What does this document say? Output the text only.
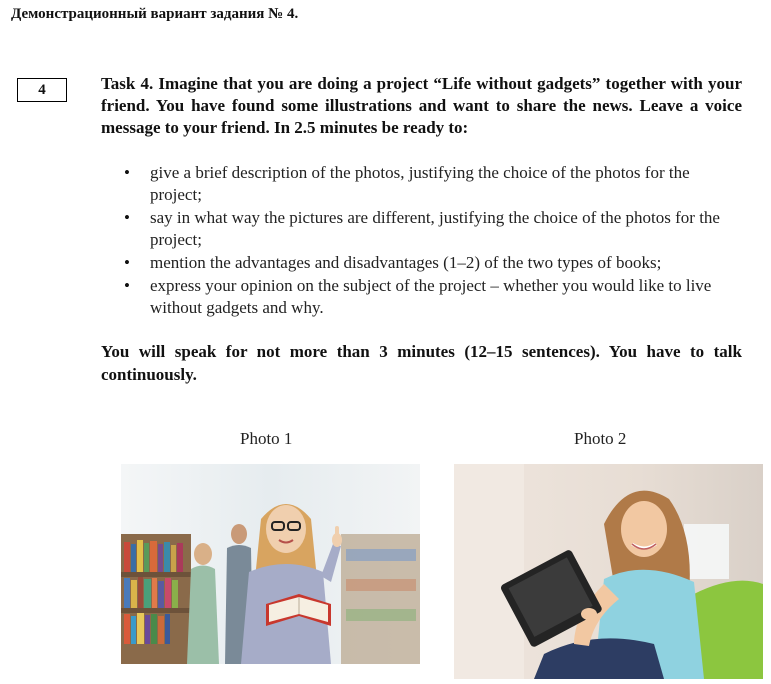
Демонстрационный вариант задания № 4.
4	Task 4. Imagine that you are doing a project “Life without gadgets” together with your friend. You have found some illustrations and want to share the news. Leave a voice message to your friend. In 2.5 minutes be ready to:

• give a brief description of the photos, justifying the choice of the photos for the project;
• say in what way the pictures are different, justifying the choice of the photos for the project;
• mention the advantages and disadvantages (1–2) of the two types of books;
• express your opinion on the subject of the project – whether you would like to live without gadgets and why.

You will speak for not more than 3 minutes (12–15 sentences). You have to talk continuously.

Photo 1	Photo 2
